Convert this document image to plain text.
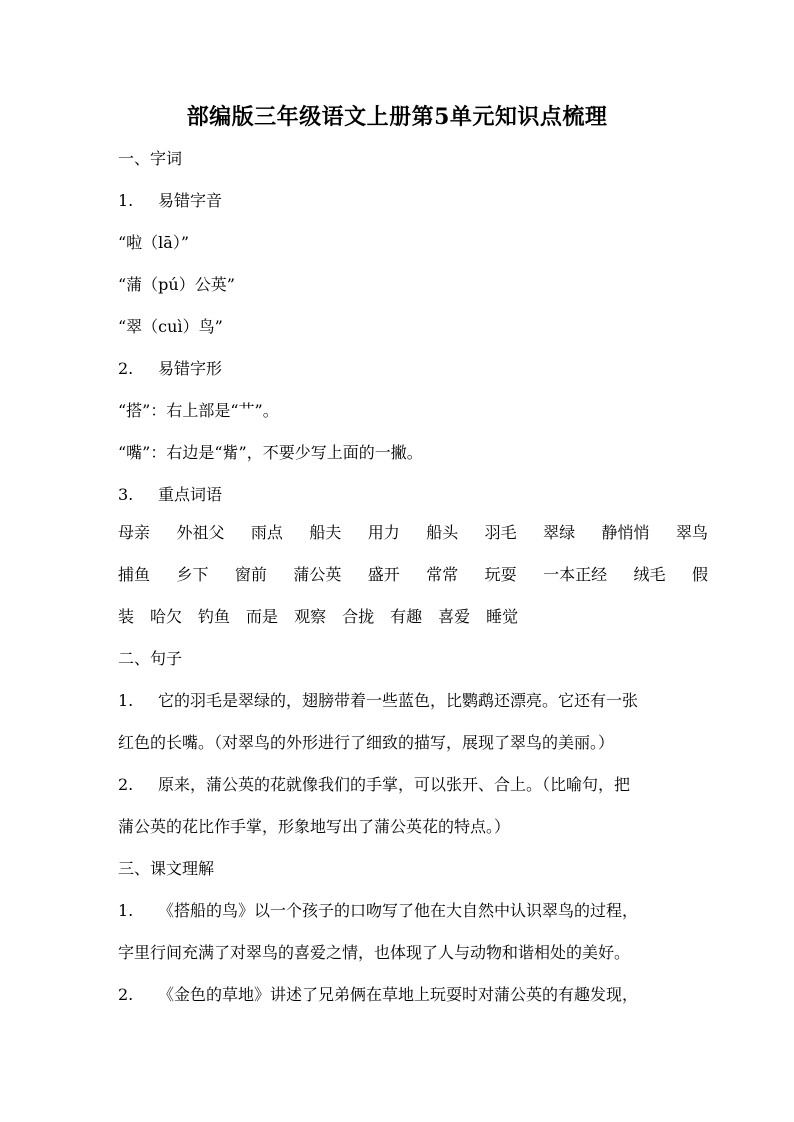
部编版三年级语文上册第5单元知识点梳理
一、字词
1. 易错字音
“啦（lā）”
“蒲（pú）公英”
“翠（cuì）鸟”
2. 易错字形
“搭”：右上部是“艹”。
“嘴”：右边是“觜”，不要少写上面的一撇。
3. 重点词语
母亲 外祖父 雨点 船夫 用力 船头 羽毛 翠绿 静悄悄 翠鸟
捕鱼 乡下 窗前 蒲公英 盛开 常常 玩耍 一本正经 绒毛 假
装 哈欠 钓鱼 而是 观察 合拢 有趣 喜爱 睡觉
二、句子
1. 它的羽毛是翠绿的，翅膀带着一些蓝色，比鹦鹉还漂亮。它还有一张
红色的长嘴。（对翠鸟的外形进行了细致的描写，展现了翠鸟的美丽。）
2. 原来，蒲公英的花就像我们的手掌，可以张开、合上。（比喻句，把
蒲公英的花比作手掌，形象地写出了蒲公英花的特点。）
三、课文理解
1. 《搭船的鸟》以一个孩子的口吻写了他在大自然中认识翠鸟的过程，
字里行间充满了对翠鸟的喜爱之情，也体现了人与动物和谐相处的美好。
2. 《金色的草地》讲述了兄弟俩在草地上玩耍时对蒲公英的有趣发现，
